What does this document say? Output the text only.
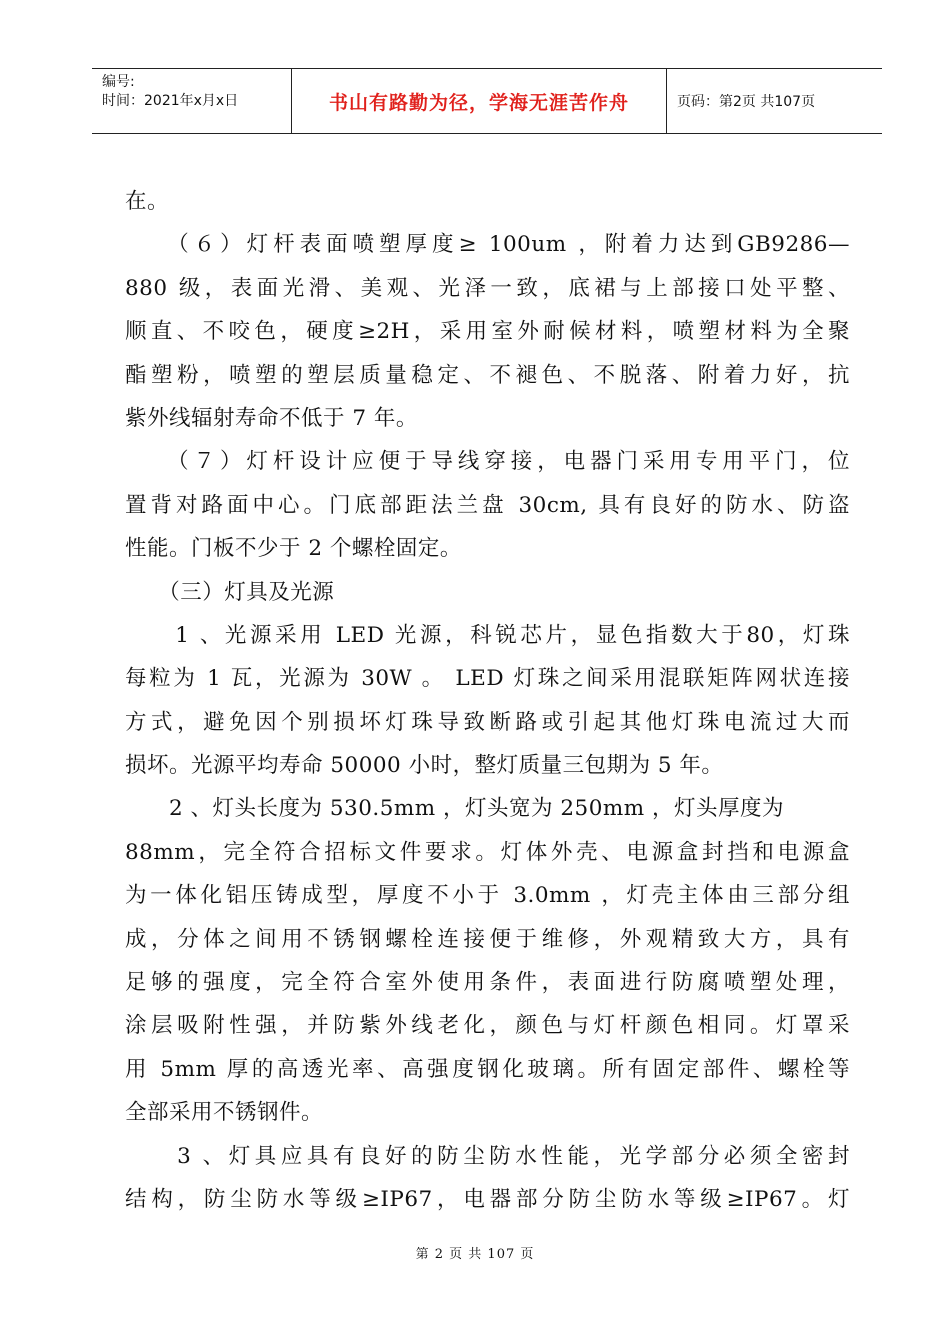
编号:
时间：2021年x月x日	书山有路勤为径，学海无涯苦作舟	页码：第2页 共107页
在。
　　（６）灯杆表面喷塑厚度≥ 100um ，附着力达到GB9286—
880 级，表面光滑、美观、光泽一致，底裙与上部接口处平整、
顺直、不咬色，硬度≥2H，采用室外耐候材料，喷塑材料为全聚
酯塑粉，喷塑的塑层质量稳定、不褪色、不脱落、附着力好，抗
紫外线辐射寿命不低于 7 年。
　　（７）灯杆设计应便于导线穿接，电器门采用专用平门，位
置背对路面中心。门底部距法兰盘 30cm, 具有良好的防水、防盗
性能。门板不少于 2 个螺栓固定。
　　（三）灯具及光源
　　1 、光源采用 LED 光源，科锐芯片，显色指数大于80，灯珠
每粒为 1 瓦，光源为 30W 。 LED 灯珠之间采用混联矩阵网状连接
方式，避免因个别损坏灯珠导致断路或引起其他灯珠电流过大而
损坏。光源平均寿命 50000 小时，整灯质量三包期为 5 年。
　　2 、灯头长度为 530.5mm ，灯头宽为 250mm ，灯头厚度为
88mm，完全符合招标文件要求。灯体外壳、电源盒封挡和电源盒
为一体化铝压铸成型，厚度不小于 3.0mm ，灯壳主体由三部分组
成，分体之间用不锈钢螺栓连接便于维修，外观精致大方，具有
足够的强度，完全符合室外使用条件，表面进行防腐喷塑处理，
涂层吸附性强，并防紫外线老化，颜色与灯杆颜色相同。灯罩采
用 5mm 厚的高透光率、高强度钢化玻璃。所有固定部件、螺栓等
全部采用不锈钢件。
　　3 、灯具应具有良好的防尘防水性能，光学部分必须全密封
结构，防尘防水等级≥IP67，电器部分防尘防水等级≥IP67。灯
第 2 页 共 107 页
